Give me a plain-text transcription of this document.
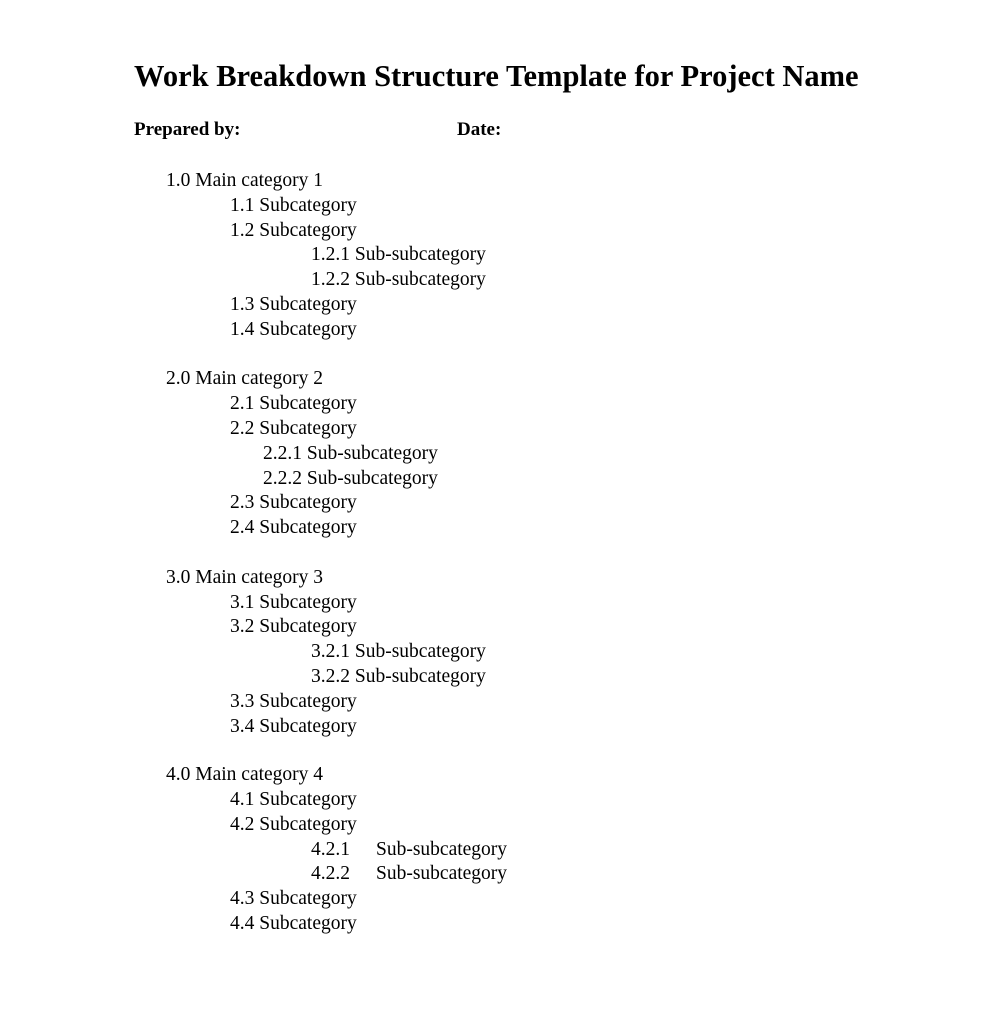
Work Breakdown Structure Template for Project Name
Prepared by:	Date:
1.0 Main category 1
1.1 Subcategory
1.2 Subcategory
1.2.1 Sub-subcategory
1.2.2 Sub-subcategory
1.3 Subcategory
1.4 Subcategory
2.0 Main category 2
2.1 Subcategory
2.2 Subcategory
2.2.1 Sub-subcategory
2.2.2 Sub-subcategory
2.3 Subcategory
2.4 Subcategory
3.0 Main category 3
3.1 Subcategory
3.2 Subcategory
3.2.1 Sub-subcategory
3.2.2 Sub-subcategory
3.3 Subcategory
3.4 Subcategory
4.0 Main category 4
4.1 Subcategory
4.2 Subcategory
4.2.1 Sub-subcategory
4.2.2 Sub-subcategory
4.3 Subcategory
4.4 Subcategory
